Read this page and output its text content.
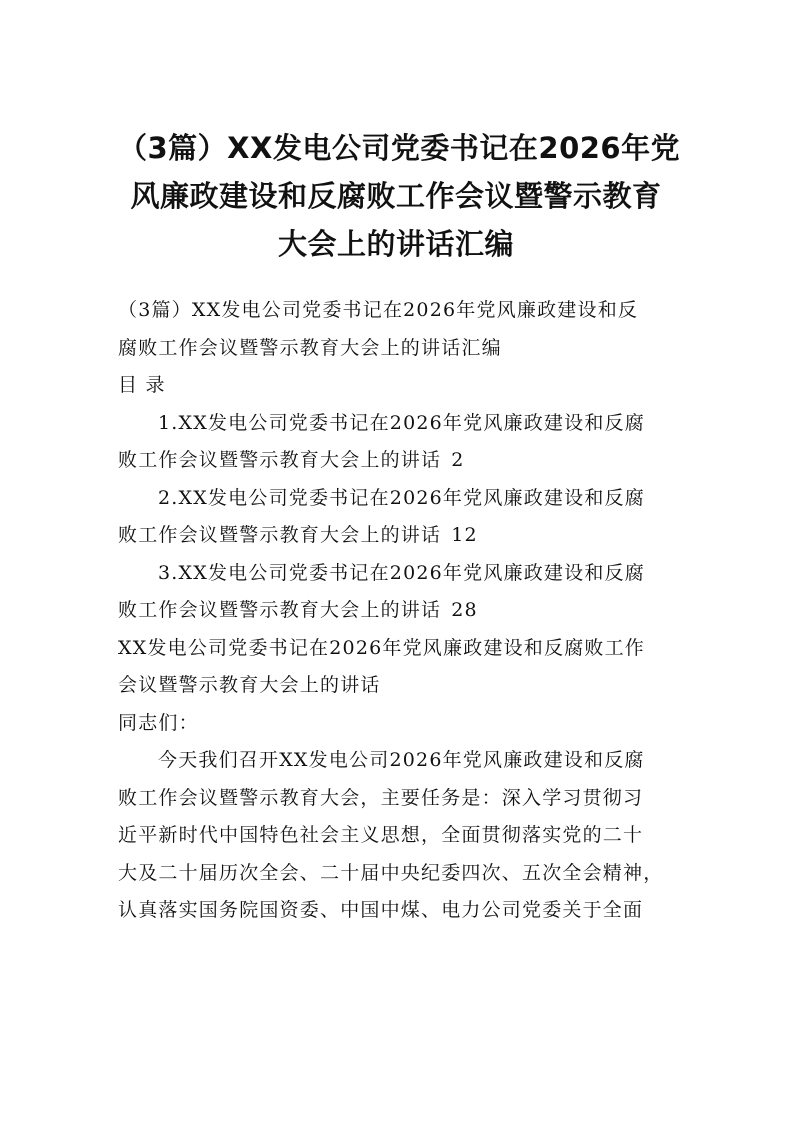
（3篇）XX发电公司党委书记在2026年党
风廉政建设和反腐败工作会议暨警示教育
大会上的讲话汇编
（3篇）XX发电公司党委书记在2026年党风廉政建设和反
腐败工作会议暨警示教育大会上的讲话汇编
目 录
1.XX发电公司党委书记在2026年党风廉政建设和反腐
败工作会议暨警示教育大会上的讲话 2
2.XX发电公司党委书记在2026年党风廉政建设和反腐
败工作会议暨警示教育大会上的讲话 12
3.XX发电公司党委书记在2026年党风廉政建设和反腐
败工作会议暨警示教育大会上的讲话 28
XX发电公司党委书记在2026年党风廉政建设和反腐败工作
会议暨警示教育大会上的讲话
同志们：
今天我们召开XX发电公司2026年党风廉政建设和反腐
败工作会议暨警示教育大会，主要任务是：深入学习贯彻习
近平新时代中国特色社会主义思想，全面贯彻落实党的二十
大及二十届历次全会、二十届中央纪委四次、五次全会精神，
认真落实国务院国资委、中国中煤、电力公司党委关于全面
